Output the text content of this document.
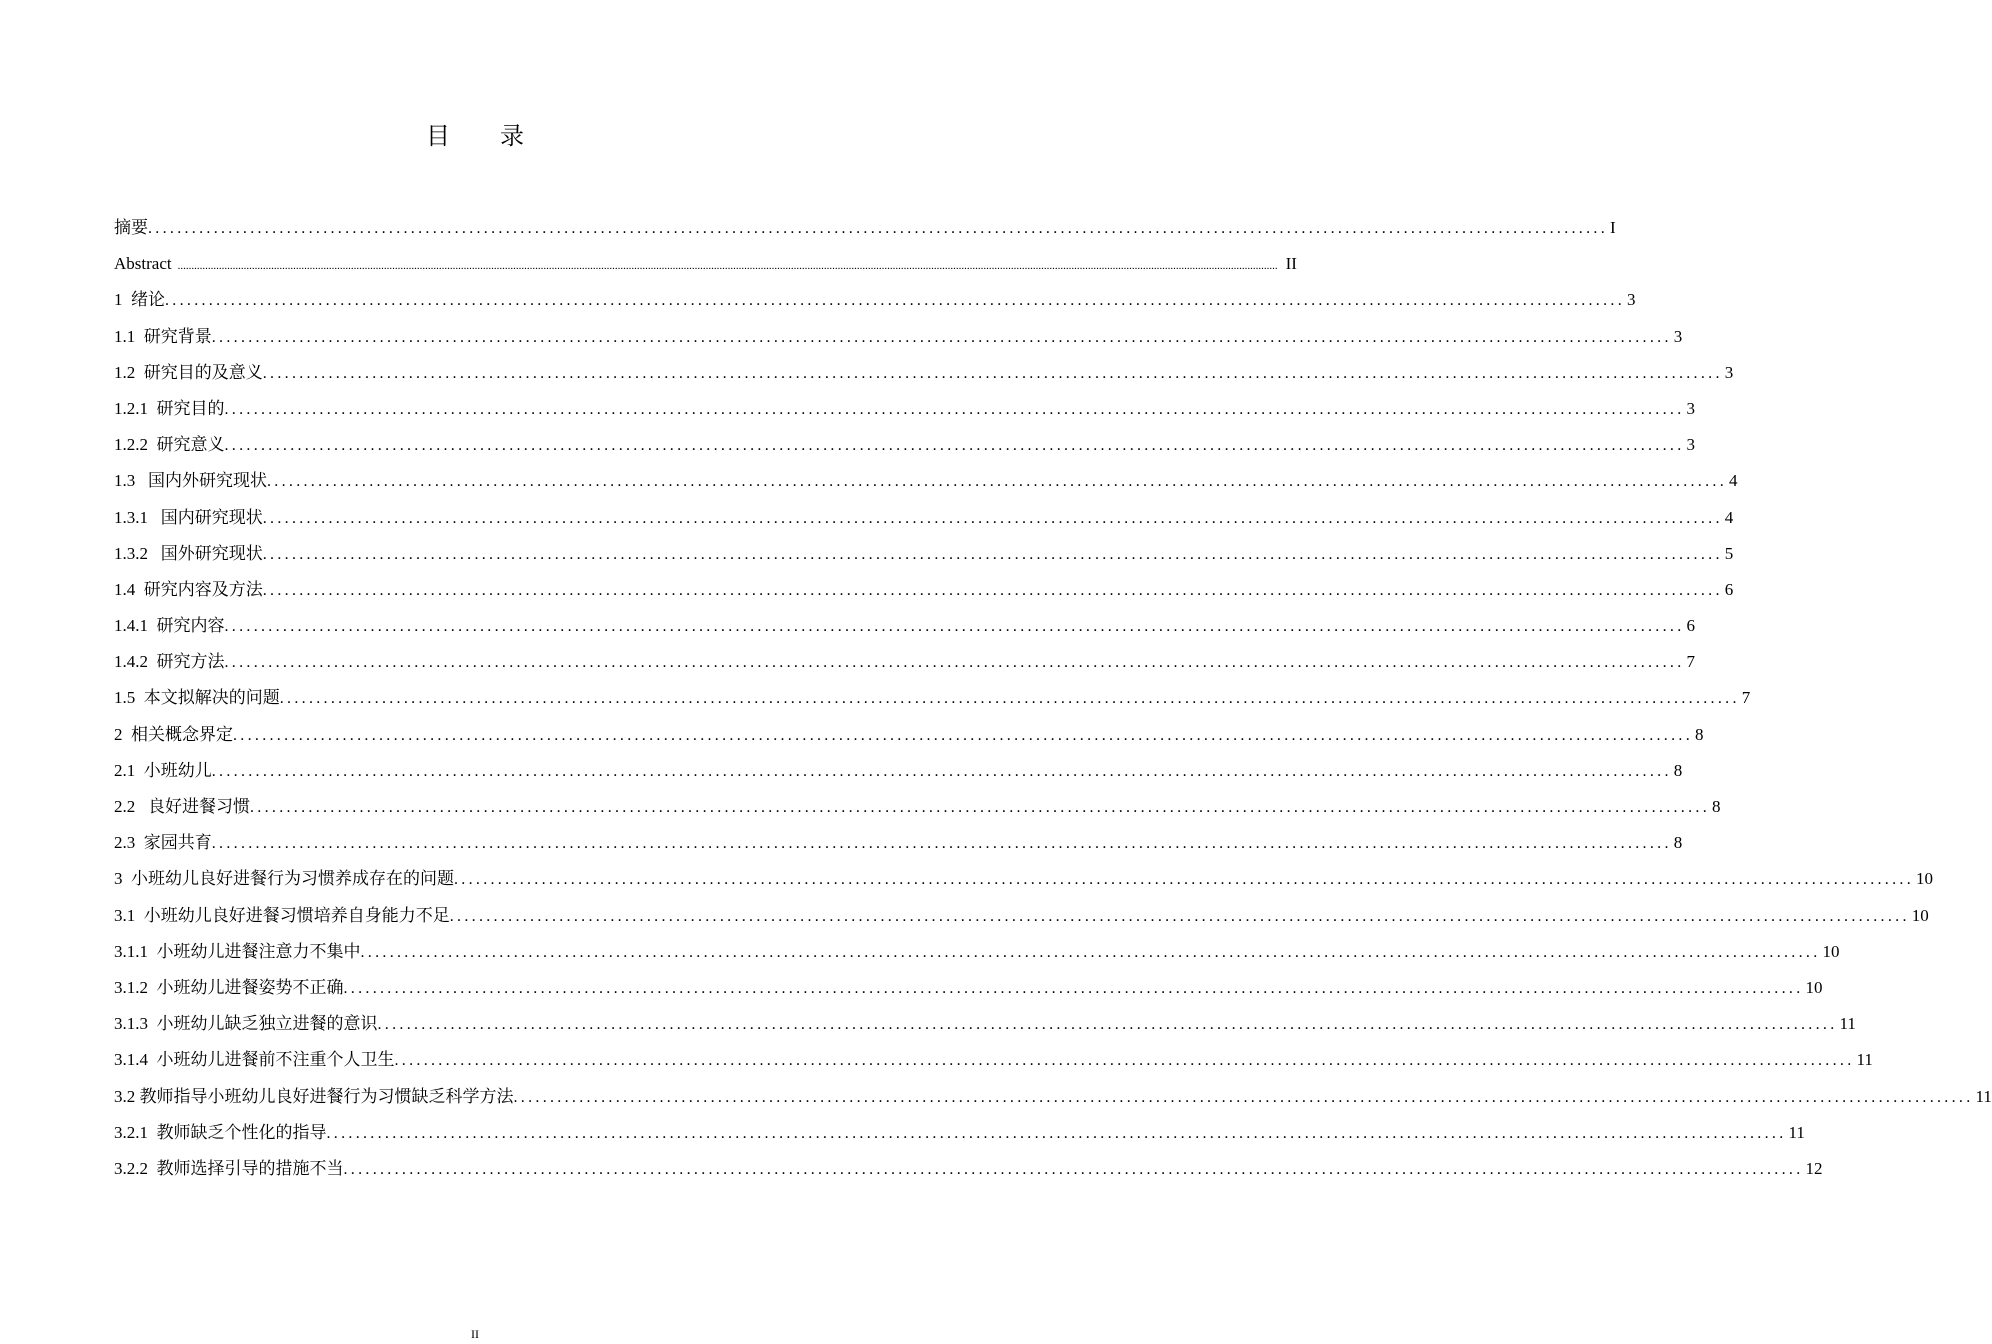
目 录
摘要 ........................................................................................................................................................................................................ I
Abstract ................................................................................................................................................................................................................................................................................................................................................................................................................ II
1  绪论 ........................................................................................................................................................................................................ 3
1.1  研究背景 ........................................................................................................................................................................................................ 3
1.2  研究目的及意义 ........................................................................................................................................................................................................ 3
1.2.1  研究目的 ........................................................................................................................................................................................................ 3
1.2.2  研究意义 ........................................................................................................................................................................................................ 3
1.3   国内外研究现状 ........................................................................................................................................................................................................ 4
1.3.1   国内研究现状 ........................................................................................................................................................................................................ 4
1.3.2   国外研究现状 ........................................................................................................................................................................................................ 5
1.4  研究内容及方法 ........................................................................................................................................................................................................ 6
1.4.1  研究内容 ........................................................................................................................................................................................................ 6
1.4.2  研究方法 ........................................................................................................................................................................................................ 7
1.5  本文拟解决的问题 ........................................................................................................................................................................................................ 7
2  相关概念界定 ........................................................................................................................................................................................................ 8
2.1  小班幼儿 ........................................................................................................................................................................................................ 8
2.2   良好进餐习惯 ........................................................................................................................................................................................................ 8
2.3  家园共育 ........................................................................................................................................................................................................ 8
3  小班幼儿良好进餐行为习惯养成存在的问题 ........................................................................................................................................................................................................ 10
3.1  小班幼儿良好进餐习惯培养自身能力不足 ........................................................................................................................................................................................................ 10
3.1.1  小班幼儿进餐注意力不集中 ........................................................................................................................................................................................................ 10
3.1.2  小班幼儿进餐姿势不正确 ........................................................................................................................................................................................................ 10
3.1.3  小班幼儿缺乏独立进餐的意识 ........................................................................................................................................................................................................ 11
3.1.4  小班幼儿进餐前不注重个人卫生 ........................................................................................................................................................................................................ 11
3.2 教师指导小班幼儿良好进餐行为习惯缺乏科学方法 ........................................................................................................................................................................................................ 11
3.2.1  教师缺乏个性化的指导 ........................................................................................................................................................................................................ 11
3.2.2  教师选择引导的措施不当 ........................................................................................................................................................................................................ 12
II
